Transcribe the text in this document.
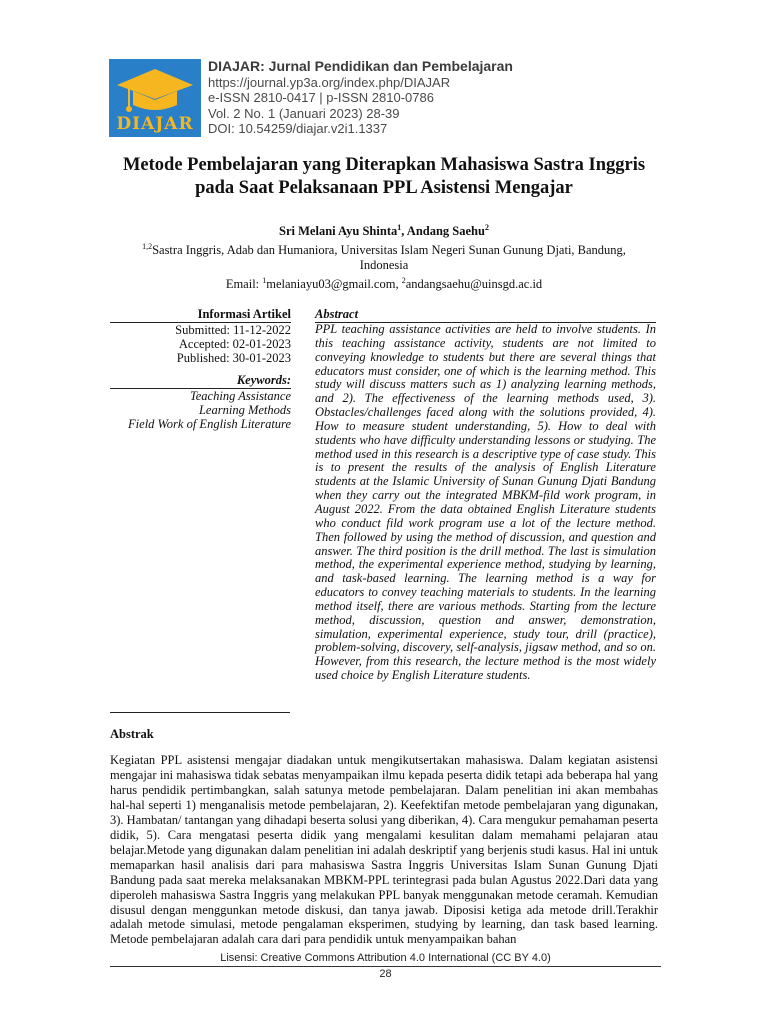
DIAJAR
DIAJAR: Jurnal Pendidikan dan Pembelajaran
https://journal.yp3a.org/index.php/DIAJAR
e-ISSN 2810-0417 | p-ISSN 2810-0786
Vol. 2 No. 1 (Januari 2023) 28-39
DOI: 10.54259/diajar.v2i1.1337
Metode Pembelajaran yang Diterapkan Mahasiswa Sastra Inggris
pada Saat Pelaksanaan PPL Asistensi Mengajar
Sri Melani Ayu Shinta$^1$, Andang Saehu$^2$
$^{1,2}$Sastra Inggris, Adab dan Humaniora, Universitas Islam Negeri Sunan Gunung Djati, Bandung,
Indonesia
Email: $^1$melaniayu03@gmail.com, $^2$andangsaehu@uinsgd.ac.id
Informasi Artikel
Submitted: 11-12-2022
Accepted: 02-01-2023
Published: 30-01-2023
Keywords:
Teaching Assistance
Learning Methods
Field Work of English Literature
Abstract
PPL teaching assistance activities are held to involve students. In this teaching assistance activity, students are not limited to conveying knowledge to students but there are several things that educators must consider, one of which is the learning method. This study will discuss matters such as 1) analyzing learning methods, and 2). The effectiveness of the learning methods used, 3). Obstacles/challenges faced along with the solutions provided, 4). How to measure student understanding, 5). How to deal with students who have difficulty understanding lessons or studying. The method used in this research is a descriptive type of case study. This is to present the results of the analysis of English Literature students at the Islamic University of Sunan Gunung Djati Bandung when they carry out the integrated MBKM-fild work program, in August 2022. From the data obtained English Literature students who conduct fild work program use a lot of the lecture method. Then followed by using the method of discussion, and question and answer. The third position is the drill method. The last is simulation method, the experimental experience method, studying by learning, and task-based learning. The learning method is a way for educators to convey teaching materials to students. In the learning method itself, there are various methods. Starting from the lecture method, discussion, question and answer, demonstration, simulation, experimental experience, study tour, drill (practice), problem-solving, discovery, self-analysis, jigsaw method, and so on. However, from this research, the lecture method is the most widely used choice by English Literature students.
Abstrak
Kegiatan PPL asistensi mengajar diadakan untuk mengikutsertakan mahasiswa. Dalam kegiatan asistensi mengajar ini mahasiswa tidak sebatas menyampaikan ilmu kepada peserta didik tetapi ada beberapa hal yang harus pendidik pertimbangkan, salah satunya metode pembelajaran. Dalam penelitian ini akan membahas hal-hal seperti 1) menganalisis metode pembelajaran, 2). Keefektifan metode pembelajaran yang digunakan, 3). Hambatan/ tantangan yang dihadapi beserta solusi yang diberikan, 4). Cara mengukur pemahaman peserta didik, 5). Cara mengatasi peserta didik yang mengalami kesulitan dalam memahami pelajaran atau belajar.Metode yang digunakan dalam penelitian ini adalah deskriptif yang berjenis studi kasus. Hal ini untuk memaparkan hasil analisis dari para mahasiswa Sastra Inggris Universitas Islam Sunan Gunung Djati Bandung pada saat mereka melaksanakan MBKM-PPL terintegrasi pada bulan Agustus 2022.Dari data yang diperoleh mahasiswa Sastra Inggris yang melakukan PPL banyak menggunakan metode ceramah. Kemudian disusul dengan menggunkan metode diskusi, dan tanya jawab. Diposisi ketiga ada metode drill.Terakhir adalah metode simulasi, metode pengalaman eksperimen, studying by learning, dan task based learning. Metode pembelajaran adalah cara dari para pendidik untuk menyampaikan bahan
Lisensi: Creative Commons Attribution 4.0 International (CC BY 4.0)
28
